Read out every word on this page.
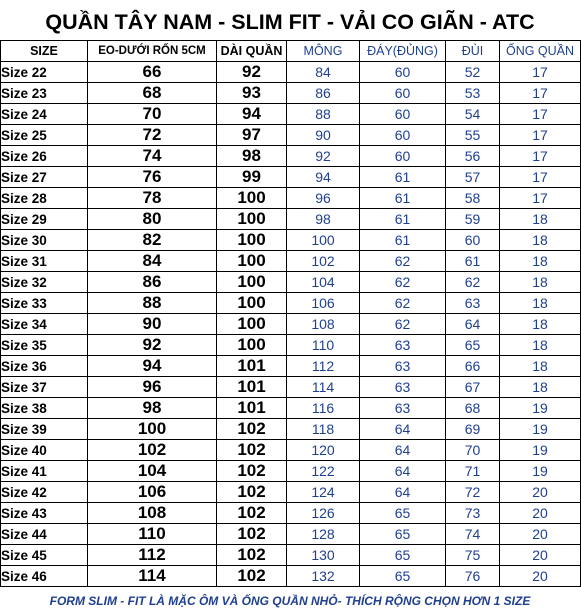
QUẦN TÂY NAM - SLIM FIT - VẢI CO GIÃN - ATC
SIZE	EO-DƯỚI RỐN 5CM	DÀI QUẦN	MÔNG	ĐÁY(ĐỦNG)	ĐÙI	ỐNG QUẦN
Size 22	66	92	84	60	52	17
Size 23	68	93	86	60	53	17
Size 24	70	94	88	60	54	17
Size 25	72	97	90	60	55	17
Size 26	74	98	92	60	56	17
Size 27	76	99	94	61	57	17
Size 28	78	100	96	61	58	17
Size 29	80	100	98	61	59	18
Size 30	82	100	100	61	60	18
Size 31	84	100	102	62	61	18
Size 32	86	100	104	62	62	18
Size 33	88	100	106	62	63	18
Size 34	90	100	108	62	64	18
Size 35	92	100	110	63	65	18
Size 36	94	101	112	63	66	18
Size 37	96	101	114	63	67	18
Size 38	98	101	116	63	68	19
Size 39	100	102	118	64	69	19
Size 40	102	102	120	64	70	19
Size 41	104	102	122	64	71	19
Size 42	106	102	124	64	72	20
Size 43	108	102	126	65	73	20
Size 44	110	102	128	65	74	20
Size 45	112	102	130	65	75	20
Size 46	114	102	132	65	76	20
FORM SLIM - FIT LÀ MẶC ÔM VÀ ỐNG QUẦN NHỎ- THÍCH RỘNG CHỌN HƠN 1 SIZE
